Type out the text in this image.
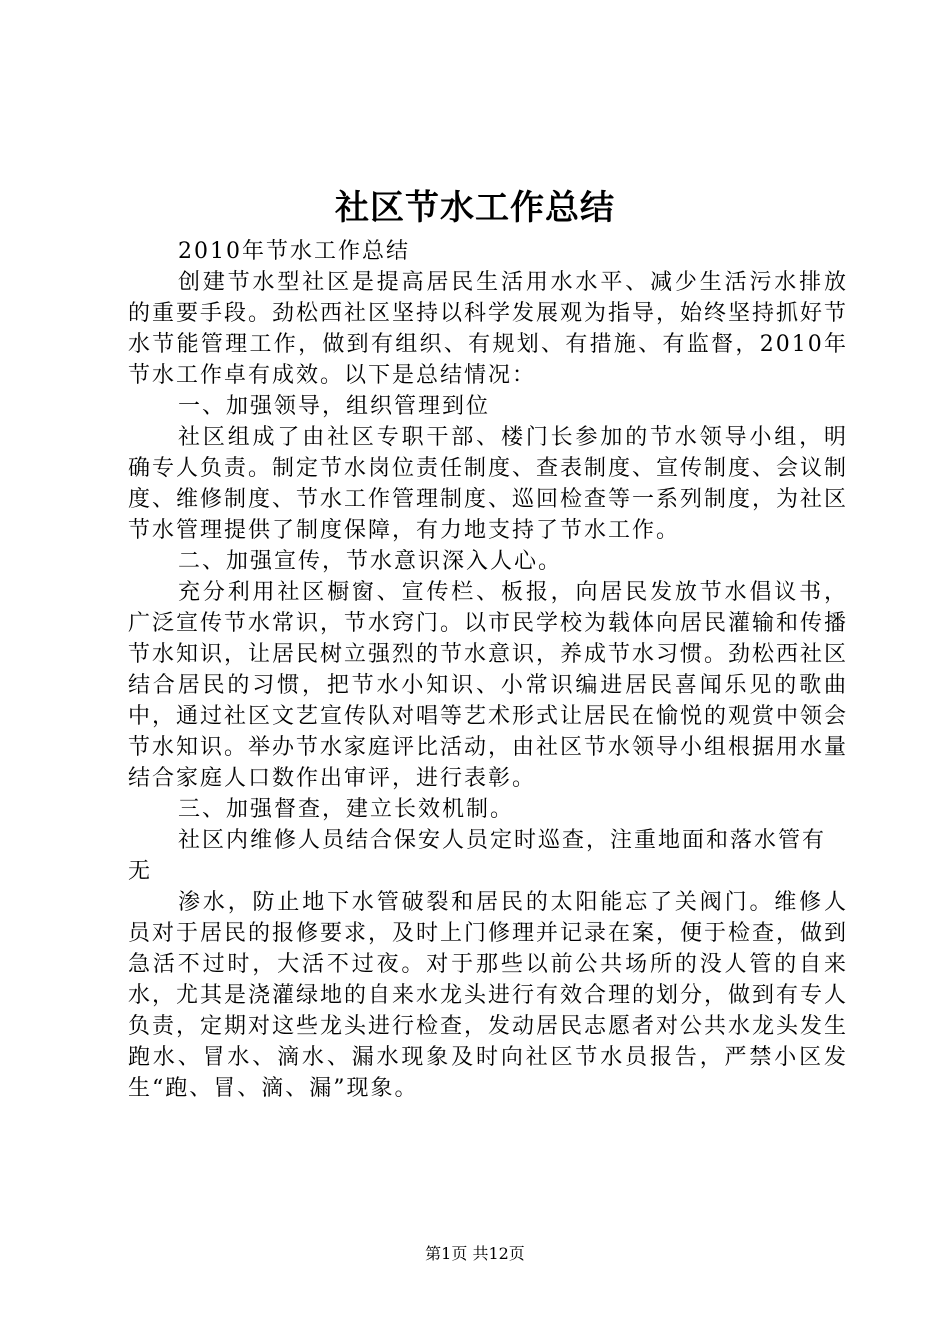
社区节水工作总结

2010年节水工作总结

创建节水型社区是提高居民生活用水水平、减少生活污水排放的重要手段。劲松西社区坚持以科学发展观为指导，始终坚持抓好节水节能管理工作，做到有组织、有规划、有措施、有监督，2010年节水工作卓有成效。以下是总结情况：

一、加强领导，组织管理到位

社区组成了由社区专职干部、楼门长参加的节水领导小组，明确专人负责。制定节水岗位责任制度、查表制度、宣传制度、会议制度、维修制度、节水工作管理制度、巡回检查等一系列制度，为社区节水管理提供了制度保障，有力地支持了节水工作。

二、加强宣传，节水意识深入人心。

充分利用社区橱窗、宣传栏、板报，向居民发放节水倡议书，广泛宣传节水常识，节水窍门。以市民学校为载体向居民灌输和传播节水知识，让居民树立强烈的节水意识，养成节水习惯。劲松西社区结合居民的习惯，把节水小知识、小常识编进居民喜闻乐见的歌曲中，通过社区文艺宣传队对唱等艺术形式让居民在愉悦的观赏中领会节水知识。举办节水家庭评比活动，由社区节水领导小组根据用水量结合家庭人口数作出审评，进行表彰。

三、加强督查，建立长效机制。

社区内维修人员结合保安人员定时巡查，注重地面和落水管有无

渗水，防止地下水管破裂和居民的太阳能忘了关阀门。维修人员对于居民的报修要求，及时上门修理并记录在案，便于检查，做到急活不过时，大活不过夜。对于那些以前公共场所的没人管的自来水，尤其是浇灌绿地的自来水龙头进行有效合理的划分，做到有专人负责，定期对这些龙头进行检查，发动居民志愿者对公共水龙头发生跑水、冒水、滴水、漏水现象及时向社区节水员报告，严禁小区发生“跑、冒、滴、漏”现象。

第1页 共12页
